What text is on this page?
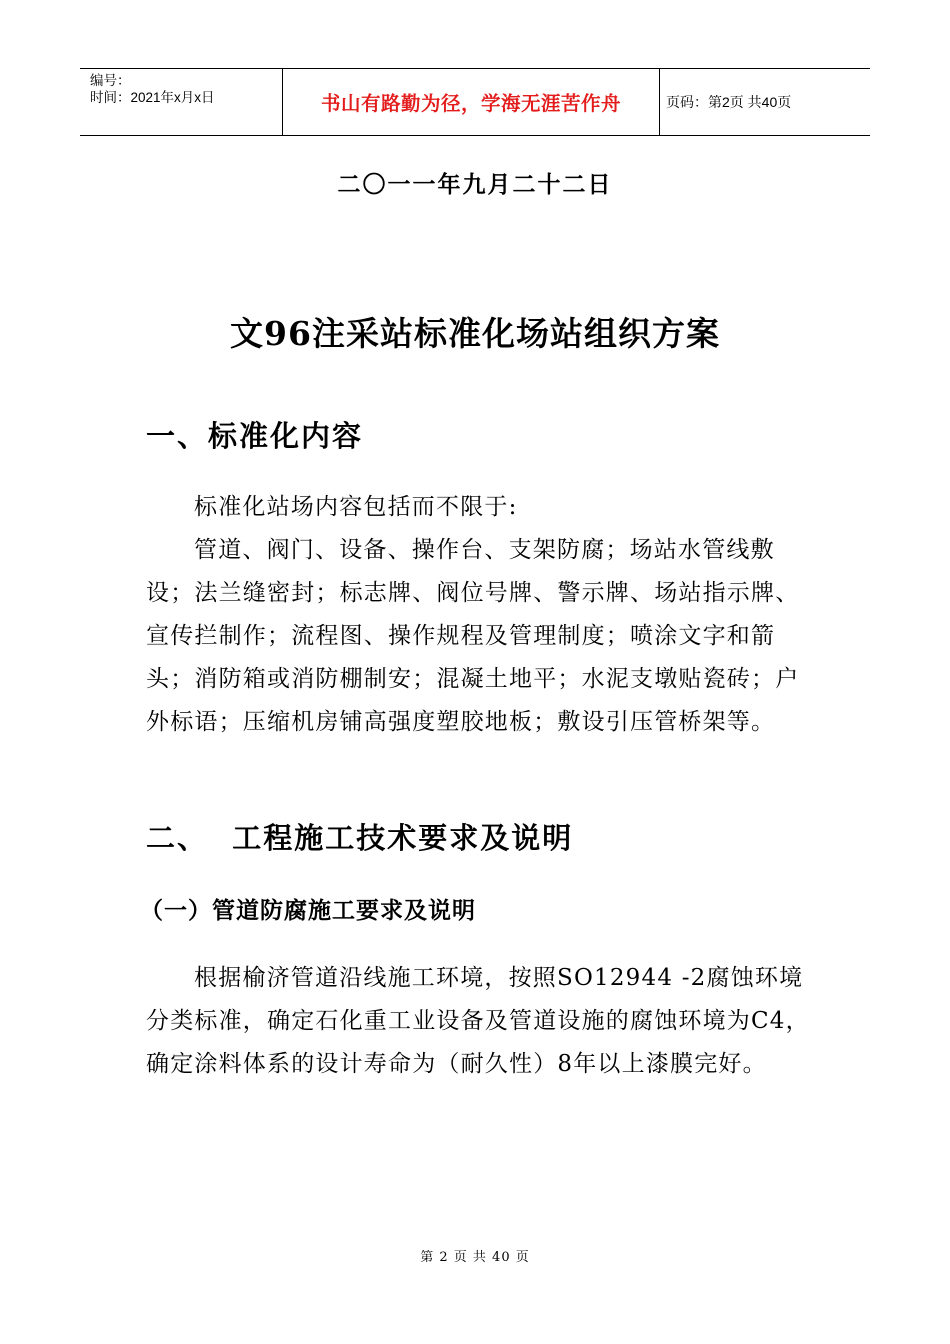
编号：
时间：2021年x月x日	书山有路勤为径，学海无涯苦作舟	页码：第2页 共40页
二〇一一年九月二十二日
文96注采站标准化场站组织方案
一、标准化内容

标准化站场内容包括而不限于:

管道、阀门、设备、操作台、支架防腐；场站水管线敷设；法兰缝密封；标志牌、阀位号牌、警示牌、场站指示牌、宣传拦制作；流程图、操作规程及管理制度；喷涂文字和箭头；消防箱或消防棚制安；混凝土地平；水泥支墩贴瓷砖；户外标语；压缩机房铺高强度塑胶地板；敷设引压管桥架等。

二、  工程施工技术要求及说明
（一）管道防腐施工要求及说明

根据榆济管道沿线施工环境，按照SO12944 -2腐蚀环境分类标准，确定石化重工业设备及管道设施的腐蚀环境为C4，确定涂料体系的设计寿命为（耐久性）8年以上漆膜完好。

第 2 页 共 40 页
